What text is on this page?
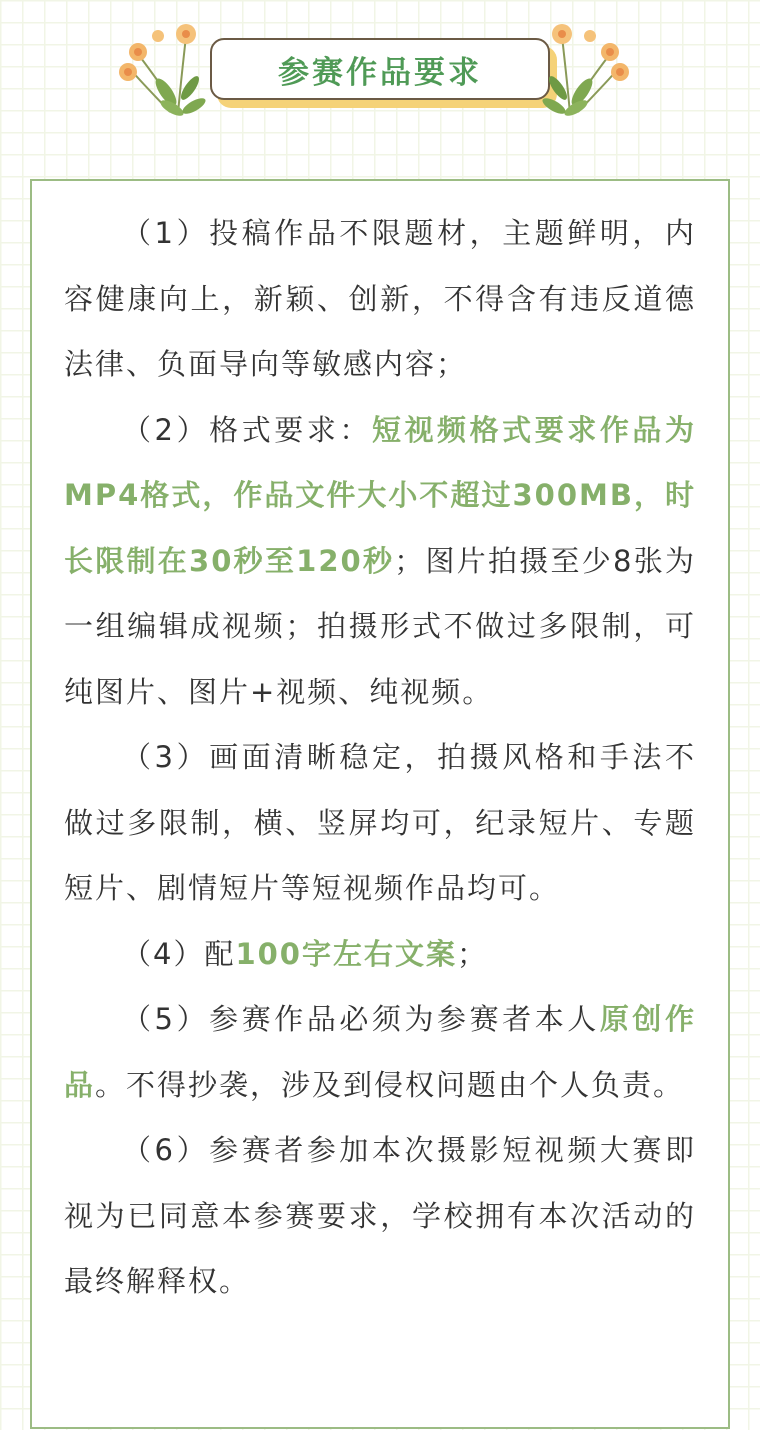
参赛作品要求

（1）投稿作品不限题材，主题鲜明，内容健康向上，新颖、创新，不得含有违反道德法律、负面导向等敏感内容；

（2）格式要求：短视频格式要求作品为MP4格式，作品文件大小不超过300MB，时长限制在30秒至120秒；图片拍摄至少8张为一组编辑成视频；拍摄形式不做过多限制，可纯图片、图片+视频、纯视频。

（3）画面清晰稳定，拍摄风格和手法不做过多限制，横、竖屏均可，纪录短片、专题短片、剧情短片等短视频作品均可。

（4）配100字左右文案；

（5）参赛作品必须为参赛者本人原创作品。不得抄袭，涉及到侵权问题由个人负责。

（6）参赛者参加本次摄影短视频大赛即视为已同意本参赛要求，学校拥有本次活动的最终解释权。
